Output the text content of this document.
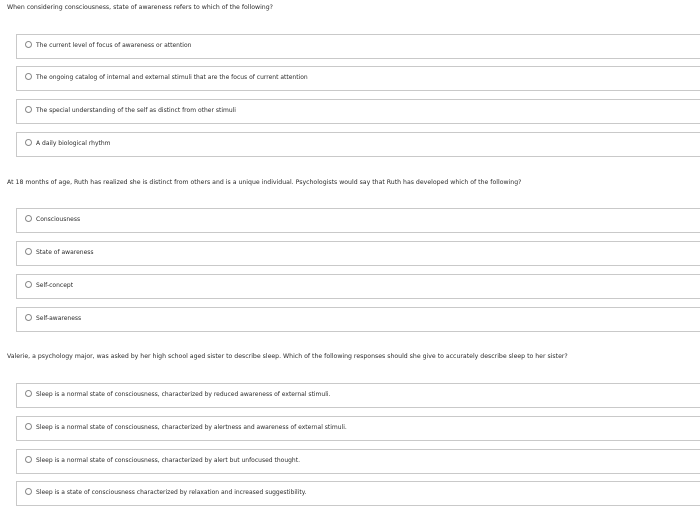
When considering consciousness, state of awareness refers to which of the following?
The current level of focus of awareness or attention
The ongoing catalog of internal and external stimuli that are the focus of current attention
The special understanding of the self as distinct from other stimuli
A daily biological rhythm
At 18 months of age, Ruth has realized she is distinct from others and is a unique individual. Psychologists would say that Ruth has developed which of the following?
Consciousness
State of awareness
Self-concept
Self-awareness
Valerie, a psychology major, was asked by her high school aged sister to describe sleep. Which of the following responses should she give to accurately describe sleep to her sister?
Sleep is a normal state of consciousness, characterized by reduced awareness of external stimuli.
Sleep is a normal state of consciousness, characterized by alertness and awareness of external stimuli.
Sleep is a normal state of consciousness, characterized by alert but unfocused thought.
Sleep is a state of consciousness characterized by relaxation and increased suggestibility.
